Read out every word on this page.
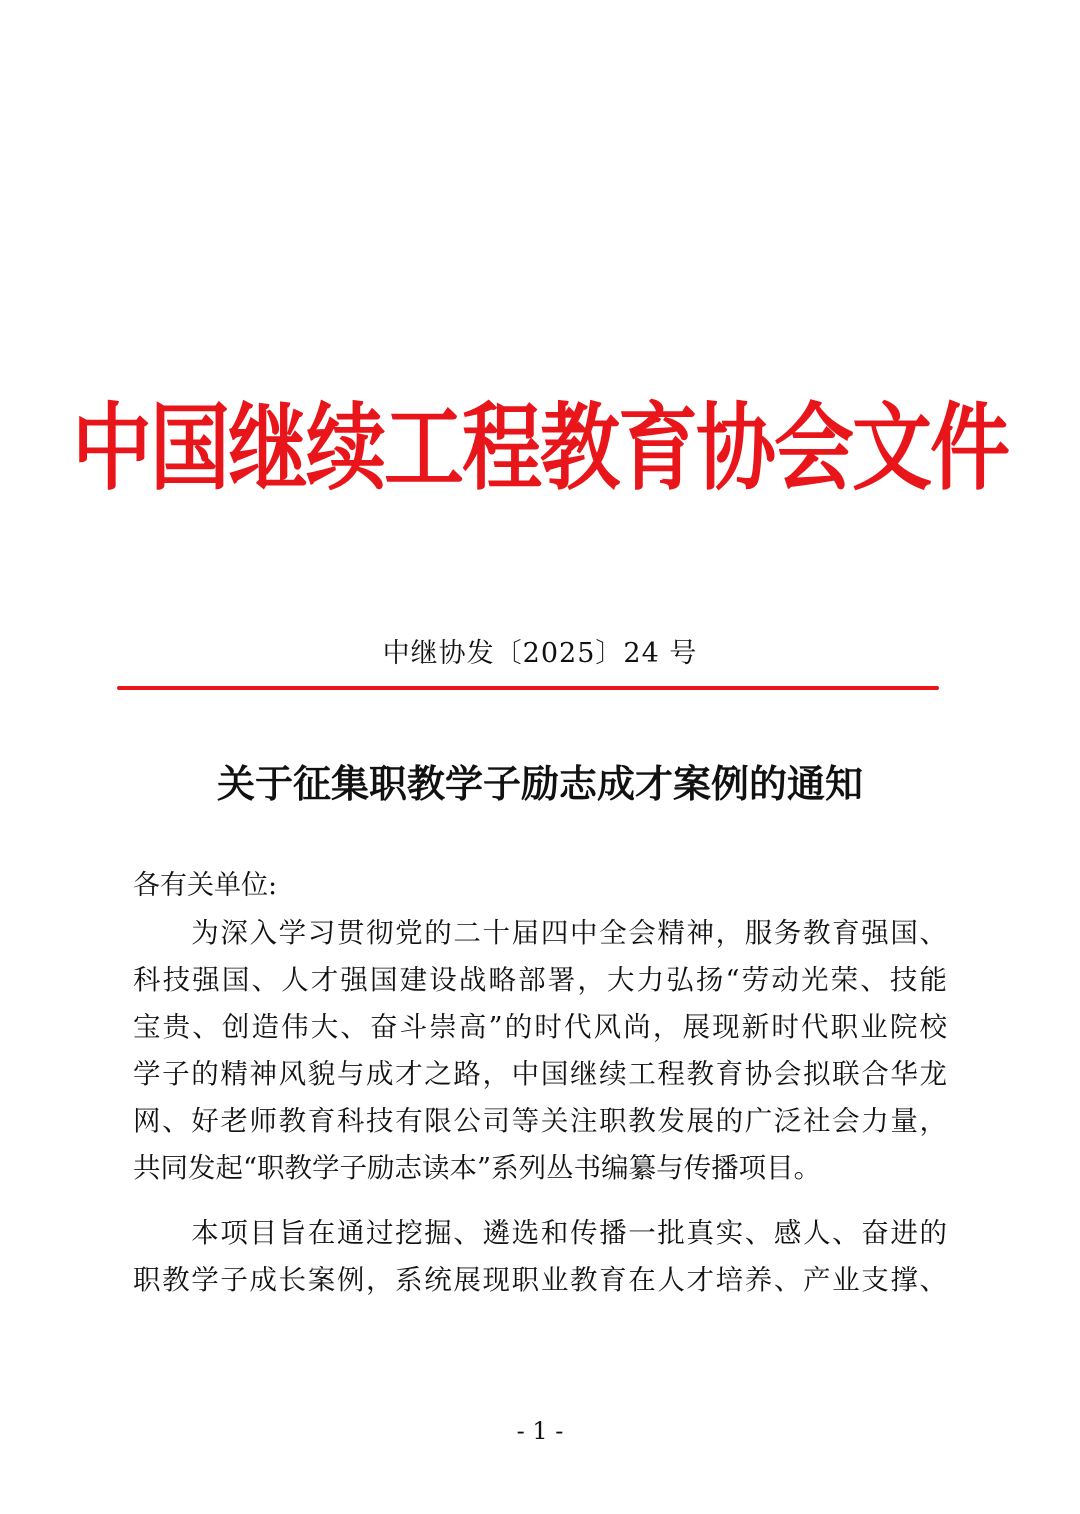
中国继续工程教育协会文件
中继协发〔2025〕24 号
关于征集职教学子励志成才案例的通知
各有关单位:
　　为深入学习贯彻党的二十届四中全会精神，服务教育强国、
科技强国、人才强国建设战略部署，大力弘扬“劳动光荣、技能
宝贵、创造伟大、奋斗崇高”的时代风尚，展现新时代职业院校
学子的精神风貌与成才之路，中国继续工程教育协会拟联合华龙
网、好老师教育科技有限公司等关注职教发展的广泛社会力量，
共同发起“职教学子励志读本”系列丛书编纂与传播项目。
　　本项目旨在通过挖掘、遴选和传播一批真实、感人、奋进的
职教学子成长案例，系统展现职业教育在人才培养、产业支撑、
- 1 -
